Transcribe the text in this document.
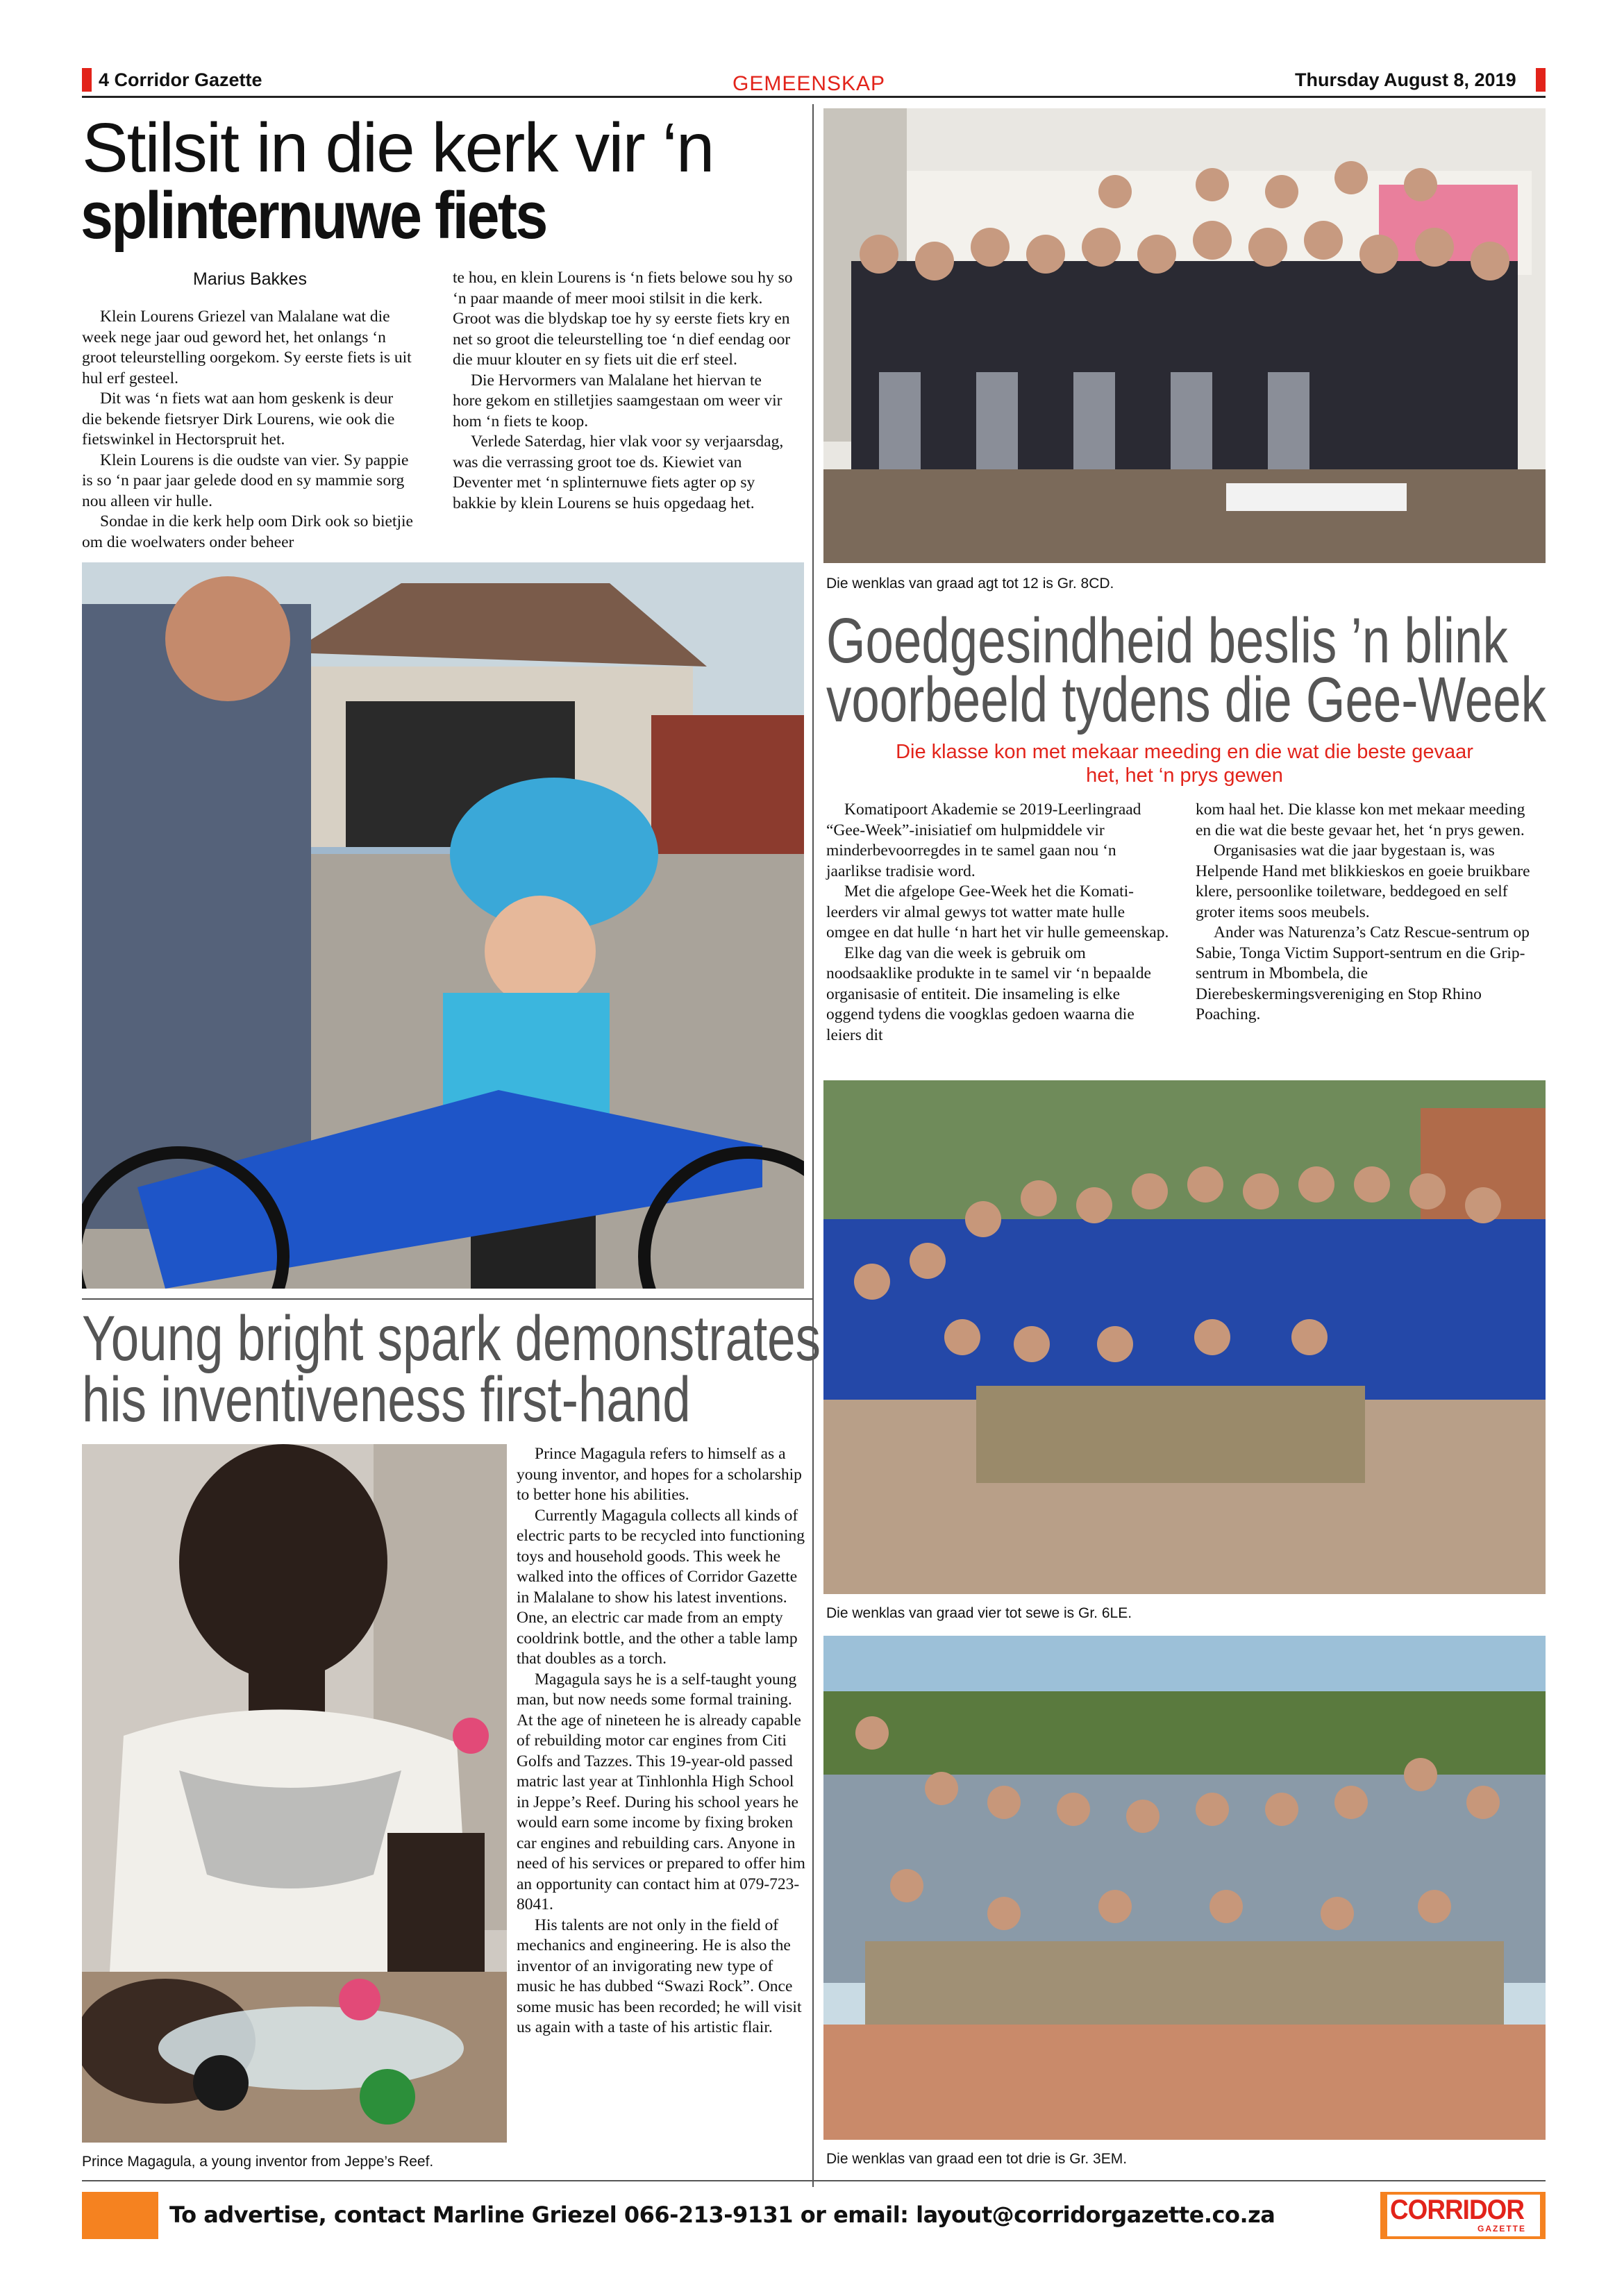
4 Corridor Gazette	GEMEENSKAP	Thursday August 8, 2019
Stilsit in die kerk vir ‘n
splinternuwe fiets
Marius Bakkes

Klein Lourens Griezel van Malalane wat die week nege jaar oud geword het, het onlangs ‘n groot teleurstelling oorgekom. Sy eerste fiets is uit hul erf gesteel.

Dit was ‘n fiets wat aan hom geskenk is deur die bekende fietsryer Dirk Lourens, wie ook die fietswinkel in Hectorspruit het.

Klein Lourens is die oudste van vier. Sy pappie is so ‘n paar jaar gelede dood en sy mammie sorg nou alleen vir hulle.

Sondae in die kerk help oom Dirk ook so bietjie om die woelwaters onder beheer

te hou, en klein Lourens is ‘n fiets belowe sou hy so ‘n paar maande of meer mooi stilsit in die kerk. Groot was die blydskap toe hy sy eerste fiets kry en net so groot die teleurstelling toe ‘n dief eendag oor die muur klouter en sy fiets uit die erf steel.

Die Hervormers van Malalane het hiervan te hore gekom en stilletjies saamgestaan om weer vir hom ‘n fiets te koop.

Verlede Saterdag, hier vlak voor sy verjaarsdag, was die verrassing groot toe ds. Kiewiet van Deventer met ‘n splinternuwe fiets agter op sy bakkie by klein Lourens se huis opgedaag het.

Young bright spark demonstrates
his inventiveness first-hand
Prince Magagula, a young inventor from Jeppe’s Reef.

Prince Magagula refers to himself as a young inventor, and hopes for a scholarship to better hone his abilities.

Currently Magagula collects all kinds of electric parts to be recycled into functioning toys and household goods. This week he walked into the offices of Corridor Gazette in Malalane to show his latest inventions. One, an electric car made from an empty cooldrink bottle, and the other a table lamp that doubles as a torch.

Magagula says he is a self-taught young man, but now needs some formal training. At the age of nineteen he is already capable of rebuilding motor car engines from Citi Golfs and Tazzes. This 19-year-old passed matric last year at Tinhlonhla High School in Jeppe’s Reef. During his school years he would earn some income by fixing broken car engines and rebuilding cars. Anyone in need of his services or prepared to offer him an opportunity can contact him at 079-723-8041.

His talents are not only in the field of mechanics and engineering. He is also the inventor of an invigorating new type of music he has dubbed “Swazi Rock”. Once some music has been recorded; he will visit us again with a taste of his artistic flair.

Die wenklas van graad agt tot 12 is Gr. 8CD.
Goedgesindheid beslis ’n blink
voorbeeld tydens die Gee-Week
Die klasse kon met mekaar meeding en die wat die beste gevaar
het, het ‘n prys gewen

Komatipoort Akademie se 2019-Leerlingraad “Gee-Week”-inisiatief om hulpmiddele vir minderbevoorregdes in te samel gaan nou ‘n jaarlikse tradisie word.

Met die afgelope Gee-Week het die Komati-leerders vir almal gewys tot watter mate hulle omgee en dat hulle ‘n hart het vir hulle gemeenskap.

Elke dag van die week is gebruik om noodsaaklike produkte in te samel vir ‘n bepaalde organisasie of entiteit. Die insameling is elke oggend tydens die voogklas gedoen waarna die leiers dit

kom haal het. Die klasse kon met mekaar meeding en die wat die beste gevaar het, het ‘n prys gewen.

Organisasies wat die jaar bygestaan is, was Helpende Hand met blikkieskos en goeie bruikbare klere, persoonlike toiletware, beddegoed en self groter items soos meubels.

Ander was Naturenza’s Catz Rescue-sentrum op Sabie, Tonga Victim Support-sentrum en die Grip-sentrum in Mbombela, die Dierebeskermingsvereniging en Stop Rhino Poaching.

Die wenklas van graad vier tot sewe is Gr. 6LE.
Die wenklas van graad een tot drie is Gr. 3EM.
To advertise, contact Marline Griezel 066-213-9131 or email: layout@corridorgazette.co.za	CORRIDOR
GAZETTE
